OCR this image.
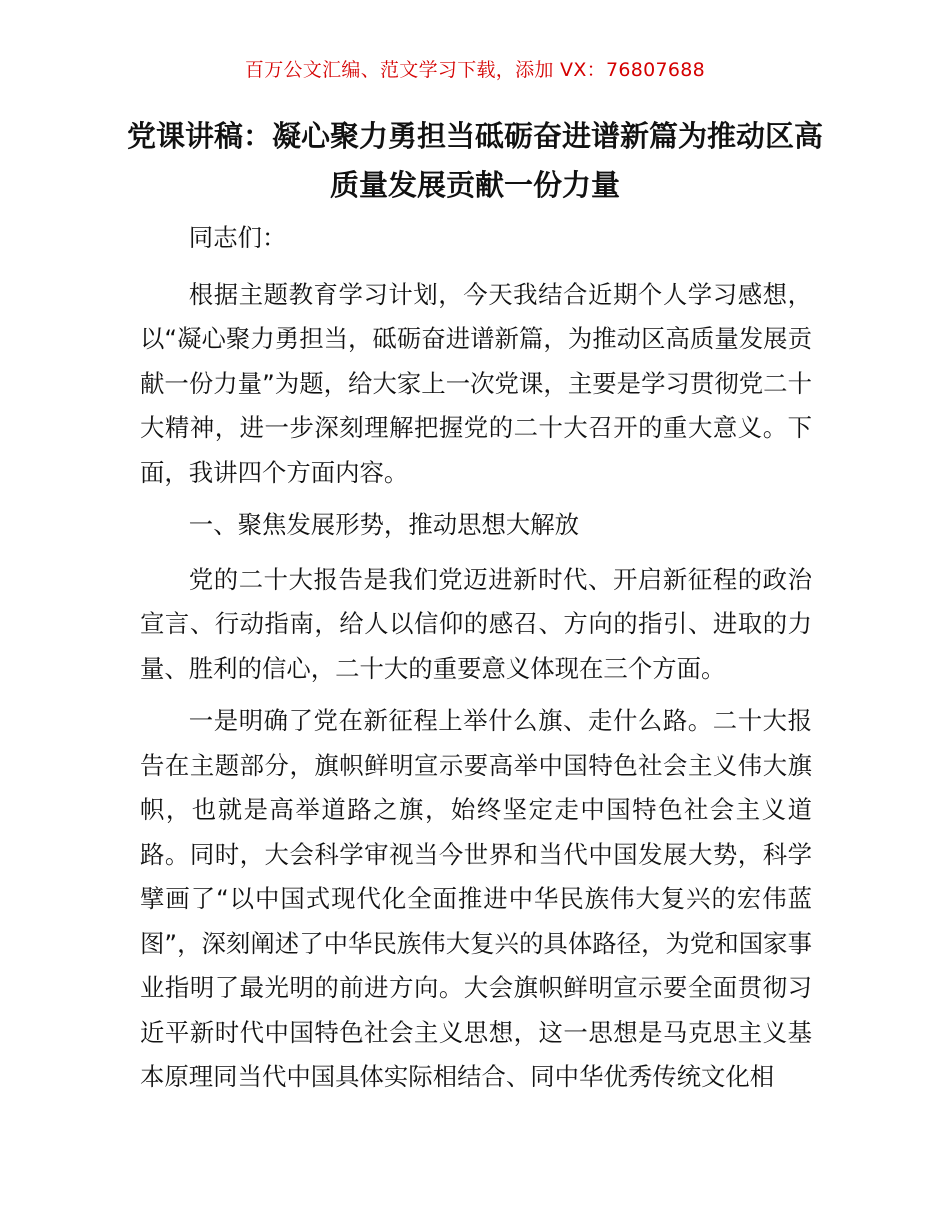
百万公文汇编、范文学习下载，添加 VX：76807688
党课讲稿：凝心聚力勇担当砥砺奋进谱新篇为推动区高质量发展贡献一份力量

同志们：

根据主题教育学习计划，今天我结合近期个人学习感想，以“凝心聚力勇担当，砥砺奋进谱新篇，为推动区高质量发展贡献一份力量”为题，给大家上一次党课，主要是学习贯彻党二十大精神，进一步深刻理解把握党的二十大召开的重大意义。下面，我讲四个方面内容。

一、聚焦发展形势，推动思想大解放

党的二十大报告是我们党迈进新时代、开启新征程的政治宣言、行动指南，给人以信仰的感召、方向的指引、进取的力量、胜利的信心，二十大的重要意义体现在三个方面。

一是明确了党在新征程上举什么旗、走什么路。二十大报告在主题部分，旗帜鲜明宣示要高举中国特色社会主义伟大旗帜，也就是高举道路之旗，始终坚定走中国特色社会主义道路。同时，大会科学审视当今世界和当代中国发展大势，科学擘画了“以中国式现代化全面推进中华民族伟大复兴的宏伟蓝图”，深刻阐述了中华民族伟大复兴的具体路径，为党和国家事业指明了最光明的前进方向。大会旗帜鲜明宣示要全面贯彻习近平新时代中国特色社会主义思想，这一思想是马克思主义基本原理同当代中国具体实际相结合、同中华优秀传统文化相
